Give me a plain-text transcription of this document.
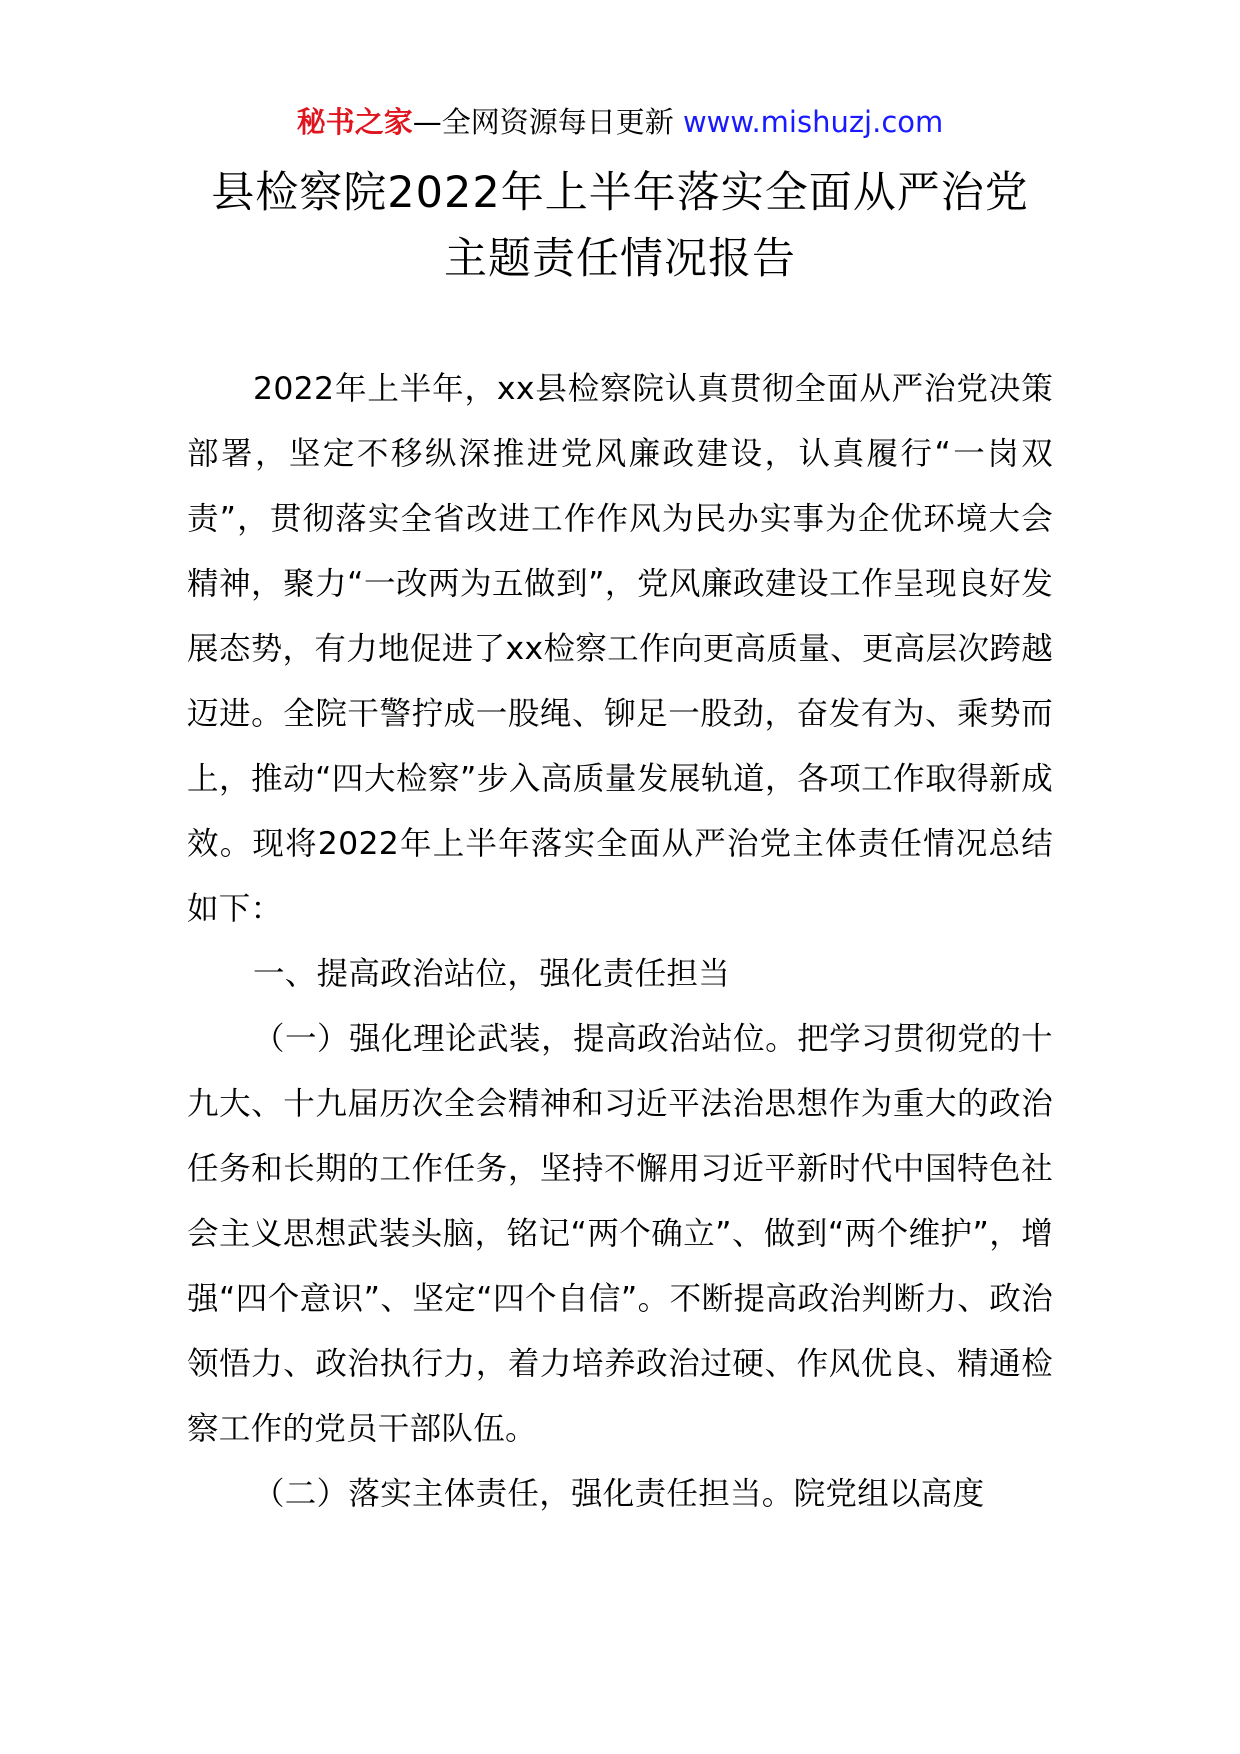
秘书之家—全网资源每日更新 www.mishuzj.com
县检察院2022年上半年落实全面从严治党
主题责任情况报告

2022年上半年，xx县检察院认真贯彻全面从严治党决策部署，坚定不移纵深推进党风廉政建设，认真履行“一岗双责”，贯彻落实全省改进工作作风为民办实事为企优环境大会精神，聚力“一改两为五做到”，党风廉政建设工作呈现良好发展态势，有力地促进了xx检察工作向更高质量、更高层次跨越迈进。全院干警拧成一股绳、铆足一股劲，奋发有为、乘势而上，推动“四大检察”步入高质量发展轨道，各项工作取得新成效。现将2022年上半年落实全面从严治党主体责任情况总结如下：

一、提高政治站位，强化责任担当

（一）强化理论武装，提高政治站位。把学习贯彻党的十九大、十九届历次全会精神和习近平法治思想作为重大的政治任务和长期的工作任务，坚持不懈用习近平新时代中国特色社会主义思想武装头脑，铭记“两个确立”、做到“两个维护”，增强“四个意识”、坚定“四个自信”。不断提高政治判断力、政治领悟力、政治执行力，着力培养政治过硬、作风优良、精通检察工作的党员干部队伍。

（二）落实主体责任，强化责任担当。院党组以高度
